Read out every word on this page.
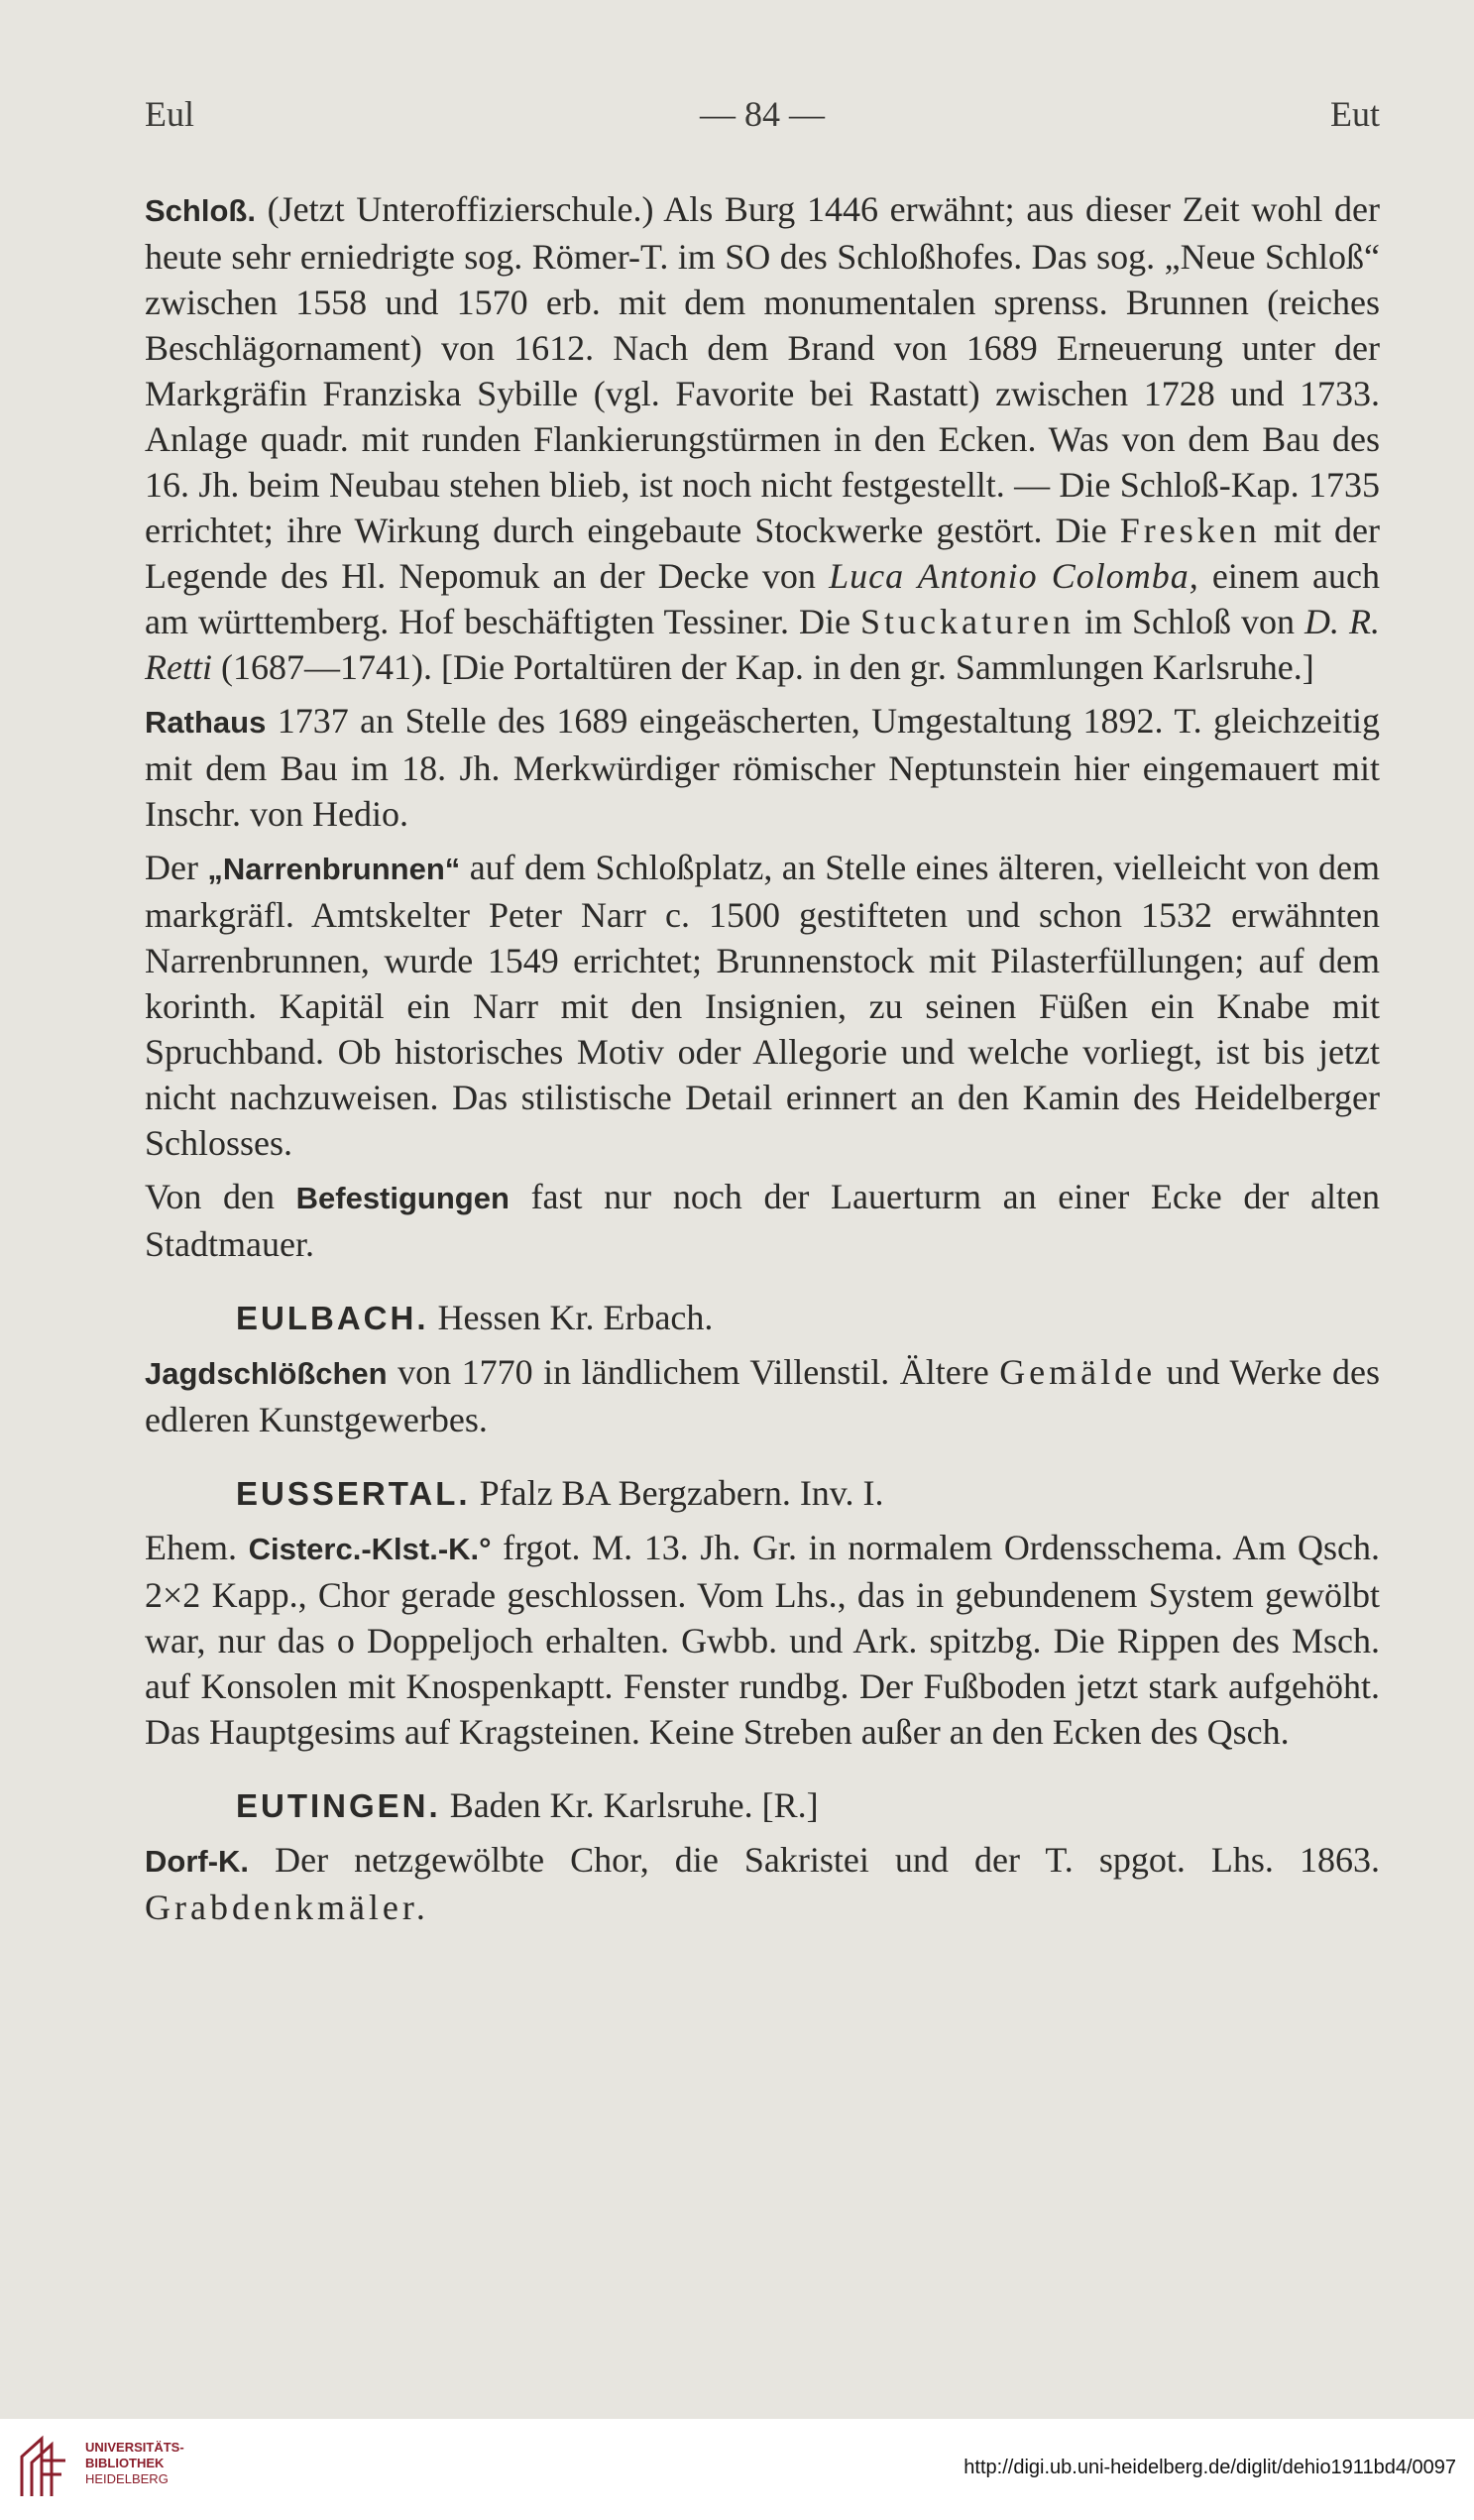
Eul	— 84 —	Eut

Schloß. (Jetzt Unteroffizierschule.) Als Burg 1446 erwähnt; aus dieser Zeit wohl der heute sehr erniedrigte sog. Römer-T. im SO des Schloßhofes. Das sog. „Neue Schloß“ zwischen 1558 und 1570 erb. mit dem monumentalen sprenss. Brunnen (reiches Beschlägornament) von 1612. Nach dem Brand von 1689 Erneuerung unter der Markgräfin Franziska Sybille (vgl. Favorite bei Rastatt) zwischen 1728 und 1733. Anlage quadr. mit runden Flankierungstürmen in den Ecken. Was von dem Bau des 16. Jh. beim Neubau stehen blieb, ist noch nicht festgestellt. — Die Schloß-Kap. 1735 errichtet; ihre Wirkung durch eingebaute Stockwerke gestört. Die Fresken mit der Legende des Hl. Nepomuk an der Decke von Luca Antonio Colomba, einem auch am württemberg. Hof beschäftigten Tessiner. Die Stuckaturen im Schloß von D. R. Retti (1687—1741). [Die Portaltüren der Kap. in den gr. Sammlungen Karlsruhe.]

Rathaus 1737 an Stelle des 1689 eingeäscherten, Umgestaltung 1892. T. gleichzeitig mit dem Bau im 18. Jh. Merkwürdiger römischer Neptunstein hier eingemauert mit Inschr. von Hedio.

Der „Narrenbrunnen“ auf dem Schloßplatz, an Stelle eines älteren, vielleicht von dem markgräfl. Amtskelter Peter Narr c. 1500 gestifteten und schon 1532 erwähnten Narrenbrunnen, wurde 1549 errichtet; Brunnenstock mit Pilasterfüllungen; auf dem korinth. Kapitäl ein Narr mit den Insignien, zu seinen Füßen ein Knabe mit Spruchband. Ob historisches Motiv oder Allegorie und welche vorliegt, ist bis jetzt nicht nachzuweisen. Das stilistische Detail erinnert an den Kamin des Heidelberger Schlosses.

Von den Befestigungen fast nur noch der Lauerturm an einer Ecke der alten Stadtmauer.

EULBACH. Hessen Kr. Erbach.

Jagdschlößchen von 1770 in ländlichem Villenstil. Ältere Gemälde und Werke des edleren Kunstgewerbes.

EUSSERTAL. Pfalz BA Bergzabern. Inv. I.

Ehem. Cisterc.-Klst.-K.° frgot. M. 13. Jh. Gr. in normalem Ordensschema. Am Qsch. 2×2 Kapp., Chor gerade geschlossen. Vom Lhs., das in gebundenem System gewölbt war, nur das o Doppeljoch erhalten. Gwbb. und Ark. spitzbg. Die Rippen des Msch. auf Konsolen mit Knospenkaptt. Fenster rundbg. Der Fußboden jetzt stark aufgehöht. Das Hauptgesims auf Kragsteinen. Keine Streben außer an den Ecken des Qsch.

EUTINGEN. Baden Kr. Karlsruhe. [R.]

Dorf-K. Der netzgewölbte Chor, die Sakristei und der T. spgot. Lhs. 1863. Grabdenkmäler.

UNIVERSITÄTS-
BIBLIOTHEK
HEIDELBERG
http://digi.ub.uni-heidelberg.de/diglit/dehio1911bd4/0097
